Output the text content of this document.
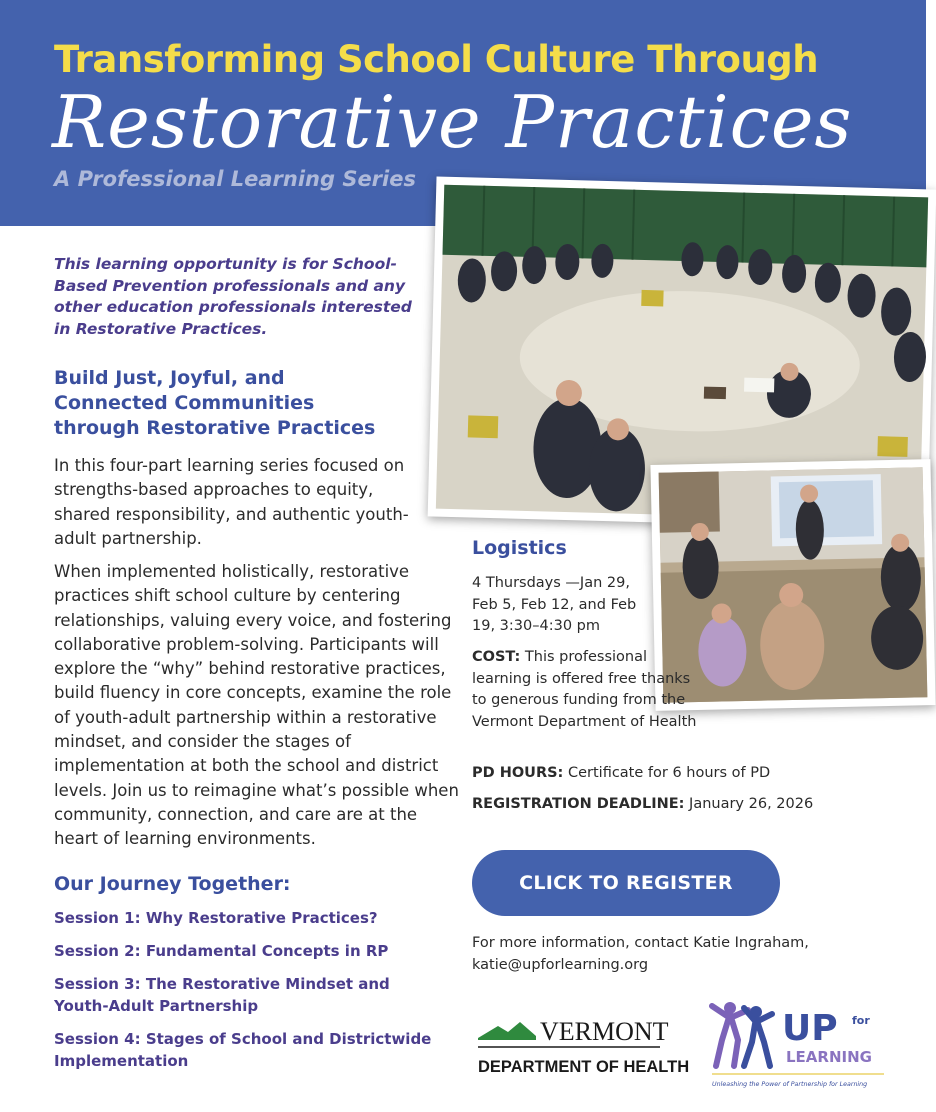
Transforming School Culture Through
Restorative Practices
A Professional Learning Series
This learning opportunity is for School-Based Prevention professionals and any other education professionals interested in Restorative Practices.
Build Just, Joyful, and
Connected Communities
through Restorative Practices
In this four-part learning series focused on strengths-based approaches to equity, shared responsibility, and authentic youth-adult partnership.
When implemented holistically, restorative practices shift school culture by centering relationships, valuing every voice, and fostering collaborative problem-solving. Participants will explore the “why” behind restorative practices, build fluency in core concepts, examine the role of youth-adult partnership within a restorative mindset, and consider the stages of implementation at both the school and district levels. Join us to reimagine what’s possible when community, connection, and care are at the heart of learning environments.
Our Journey Together:
Session 1: Why Restorative Practices?
Session 2: Fundamental Concepts in RP
Session 3: The Restorative Mindset and Youth-Adult Partnership
Session 4: Stages of School and Districtwide Implementation
Logistics
4 Thursdays —Jan 29, Feb 5, Feb 12, and Feb 19, 3:30–4:30 pm
COST: This professional learning is offered free thanks to generous funding from the Vermont Department of Health
PD HOURS: Certificate for 6 hours of PD
REGISTRATION DEADLINE: January 26, 2026
CLICK TO REGISTER
For more information, contact Katie Ingraham,
katie@upforlearning.org
VERMONT
DEPARTMENT OF HEALTH
UP for
LEARNING
Unleashing the Power of Partnership for Learning
